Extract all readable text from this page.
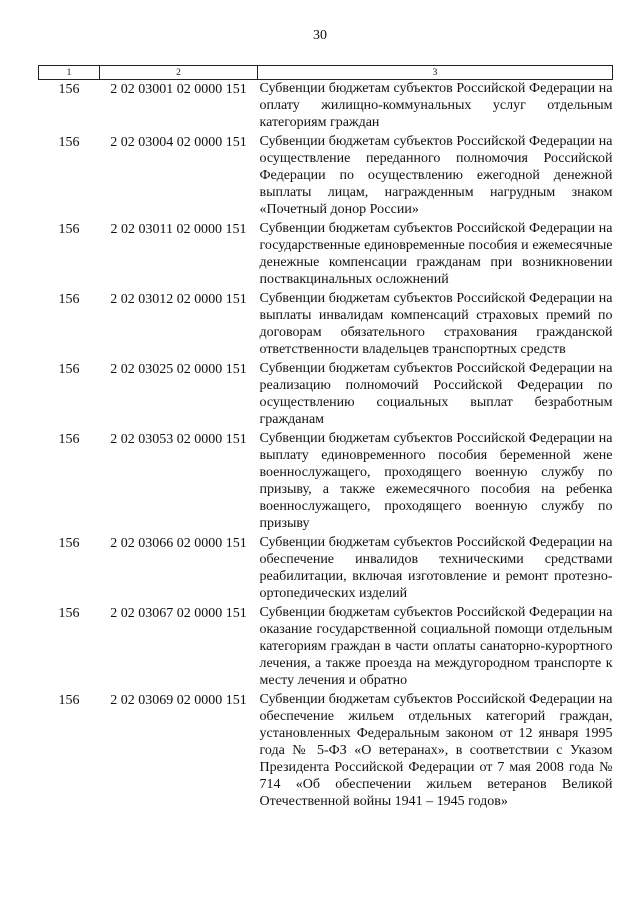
30
1	2	3
156	2 02 03001 02 0000 151	Субвенции бюджетам субъектов Российской Федерации на оплату жилищно-коммунальных услуг отдельным категориям граждан
156	2 02 03004 02 0000 151	Субвенции бюджетам субъектов Российской Федерации на осуществление переданного полномочия Российской Федерации по осуществлению ежегодной денежной выплаты лицам, награжденным нагрудным знаком «Почетный донор России»
156	2 02 03011 02 0000 151	Субвенции бюджетам субъектов Российской Федерации на государственные единовременные пособия и ежемесячные денежные компенсации гражданам при возникновении поствакцинальных осложнений
156	2 02 03012 02 0000 151	Субвенции бюджетам субъектов Российской Федерации на выплаты инвалидам компенсаций страховых премий по договорам обязательного страхования гражданской ответственности владельцев транспортных средств
156	2 02 03025 02 0000 151	Субвенции бюджетам субъектов Российской Федерации на реализацию полномочий Российской Федерации по осуществлению социальных выплат безработным гражданам
156	2 02 03053 02 0000 151	Субвенции бюджетам субъектов Российской Федерации на выплату единовременного пособия беременной жене военнослужащего, проходящего военную службу по призыву, а также ежемесячного пособия на ребенка военнослужащего, проходящего военную службу по призыву
156	2 02 03066 02 0000 151	Субвенции бюджетам субъектов Российской Федерации на обеспечение инвалидов техническими средствами реабилитации, включая изготовление и ремонт протезно-ортопедических изделий
156	2 02 03067 02 0000 151	Субвенции бюджетам субъектов Российской Федерации на оказание государственной социальной помощи отдельным категориям граждан в части оплаты санаторно-курортного лечения, а также проезда на междугородном транспорте к месту лечения и обратно
156	2 02 03069 02 0000 151	Субвенции бюджетам субъектов Российской Федерации на обеспечение жильем отдельных категорий граждан, установленных Федеральным законом от 12 января 1995 года № 5-ФЗ «О ветеранах», в соответствии с Указом Президента Российской Федерации от 7 мая 2008 года № 714 «Об обеспечении жильем ветеранов Великой Отечественной войны 1941 – 1945 годов»
